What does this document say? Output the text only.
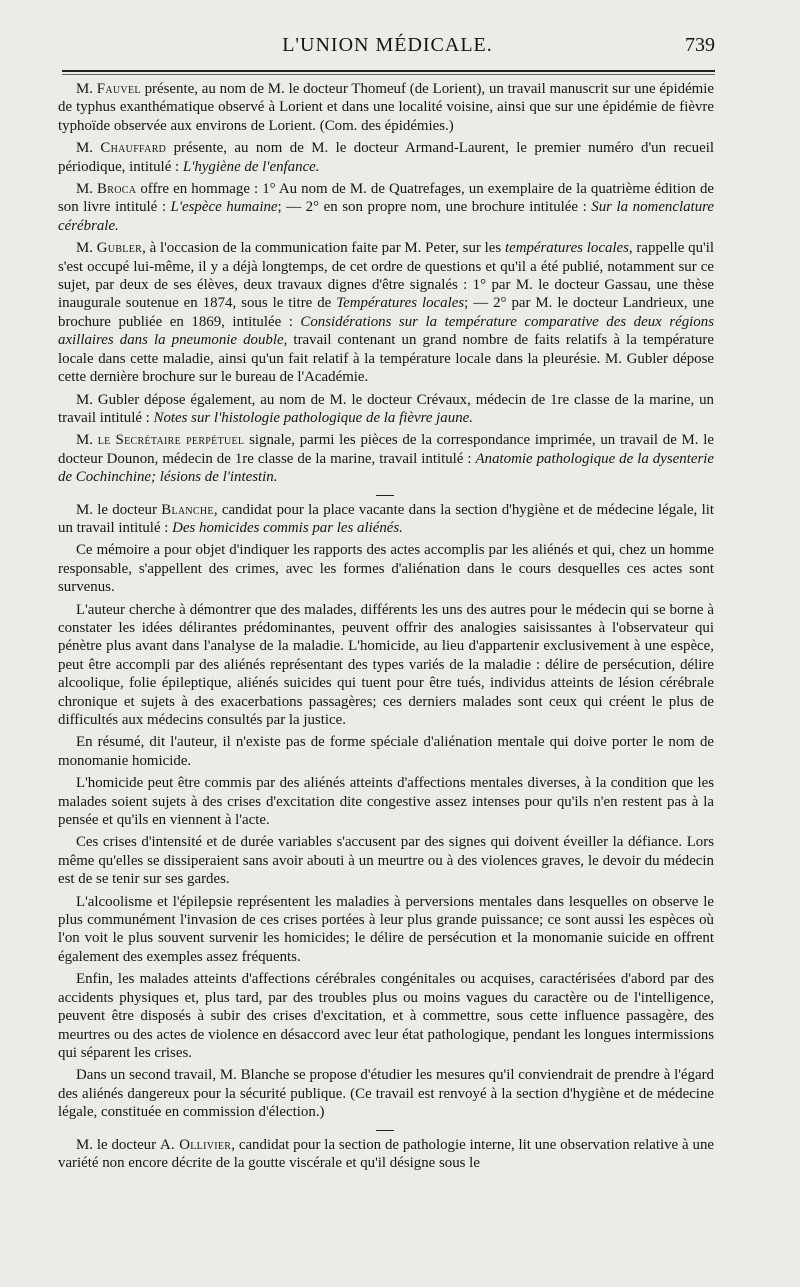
L'UNION MÉDICALE.	739

M. Fauvel présente, au nom de M. le docteur Thomeuf (de Lorient), un travail manuscrit sur une épidémie de typhus exanthématique observé à Lorient et dans une localité voisine, ainsi que sur une épidémie de fièvre typhoïde observée aux environs de Lorient. (Com. des épidémies.)

M. Chauffard présente, au nom de M. le docteur Armand-Laurent, le premier numéro d'un recueil périodique, intitulé : L'hygiène de l'enfance.

M. Broca offre en hommage : 1° Au nom de M. de Quatrefages, un exemplaire de la quatrième édition de son livre intitulé : L'espèce humaine; — 2° en son propre nom, une brochure intitulée : Sur la nomenclature cérébrale.

M. Gubler, à l'occasion de la communication faite par M. Peter, sur les températures locales, rappelle qu'il s'est occupé lui-même, il y a déjà longtemps, de cet ordre de questions et qu'il a été publié, notamment sur ce sujet, par deux de ses élèves, deux travaux dignes d'être signalés : 1° par M. le docteur Gassau, une thèse inaugurale soutenue en 1874, sous le titre de Températures locales; — 2° par M. le docteur Landrieux, une brochure publiée en 1869, intitulée : Considérations sur la température comparative des deux régions axillaires dans la pneumonie double, travail contenant un grand nombre de faits relatifs à la température locale dans cette maladie, ainsi qu'un fait relatif à la température locale dans la pleurésie. M. Gubler dépose cette dernière brochure sur le bureau de l'Académie.

M. Gubler dépose également, au nom de M. le docteur Crévaux, médecin de 1re classe de la marine, un travail intitulé : Notes sur l'histologie pathologique de la fièvre jaune.

M. le Secrétaire perpétuel signale, parmi les pièces de la correspondance imprimée, un travail de M. le docteur Dounon, médecin de 1re classe de la marine, travail intitulé : Anatomie pathologique de la dysenterie de Cochinchine; lésions de l'intestin.

M. le docteur Blanche, candidat pour la place vacante dans la section d'hygiène et de médecine légale, lit un travail intitulé : Des homicides commis par les aliénés.

Ce mémoire a pour objet d'indiquer les rapports des actes accomplis par les aliénés et qui, chez un homme responsable, s'appellent des crimes, avec les formes d'aliénation dans le cours desquelles ces actes sont survenus.

L'auteur cherche à démontrer que des malades, différents les uns des autres pour le médecin qui se borne à constater les idées délirantes prédominantes, peuvent offrir des analogies saisissantes à l'observateur qui pénètre plus avant dans l'analyse de la maladie. L'homicide, au lieu d'appartenir exclusivement à une espèce, peut être accompli par des aliénés représentant des types variés de la maladie : délire de persécution, délire alcoolique, folie épileptique, aliénés suicides qui tuent pour être tués, individus atteints de lésion cérébrale chronique et sujets à des exacerbations passagères; ces derniers malades sont ceux qui créent le plus de difficultés aux médecins consultés par la justice.

En résumé, dit l'auteur, il n'existe pas de forme spéciale d'aliénation mentale qui doive porter le nom de monomanie homicide.

L'homicide peut être commis par des aliénés atteints d'affections mentales diverses, à la condition que les malades soient sujets à des crises d'excitation dite congestive assez intenses pour qu'ils n'en restent pas à la pensée et qu'ils en viennent à l'acte.

Ces crises d'intensité et de durée variables s'accusent par des signes qui doivent éveiller la défiance. Lors même qu'elles se dissiperaient sans avoir abouti à un meurtre ou à des violences graves, le devoir du médecin est de se tenir sur ses gardes.

L'alcoolisme et l'épilepsie représentent les maladies à perversions mentales dans lesquelles on observe le plus communément l'invasion de ces crises portées à leur plus grande puissance; ce sont aussi les espèces où l'on voit le plus souvent survenir les homicides; le délire de persécution et la monomanie suicide en offrent également des exemples assez fréquents.

Enfin, les malades atteints d'affections cérébrales congénitales ou acquises, caractérisées d'abord par des accidents physiques et, plus tard, par des troubles plus ou moins vagues du caractère ou de l'intelligence, peuvent être disposés à subir des crises d'excitation, et à commettre, sous cette influence passagère, des meurtres ou des actes de violence en désaccord avec leur état pathologique, pendant les longues intermissions qui séparent les crises.

Dans un second travail, M. Blanche se propose d'étudier les mesures qu'il conviendrait de prendre à l'égard des aliénés dangereux pour la sécurité publique. (Ce travail est renvoyé à la section d'hygiène et de médecine légale, constituée en commission d'élection.)

M. le docteur A. Ollivier, candidat pour la section de pathologie interne, lit une observation relative à une variété non encore décrite de la goutte viscérale et qu'il désigne sous le
